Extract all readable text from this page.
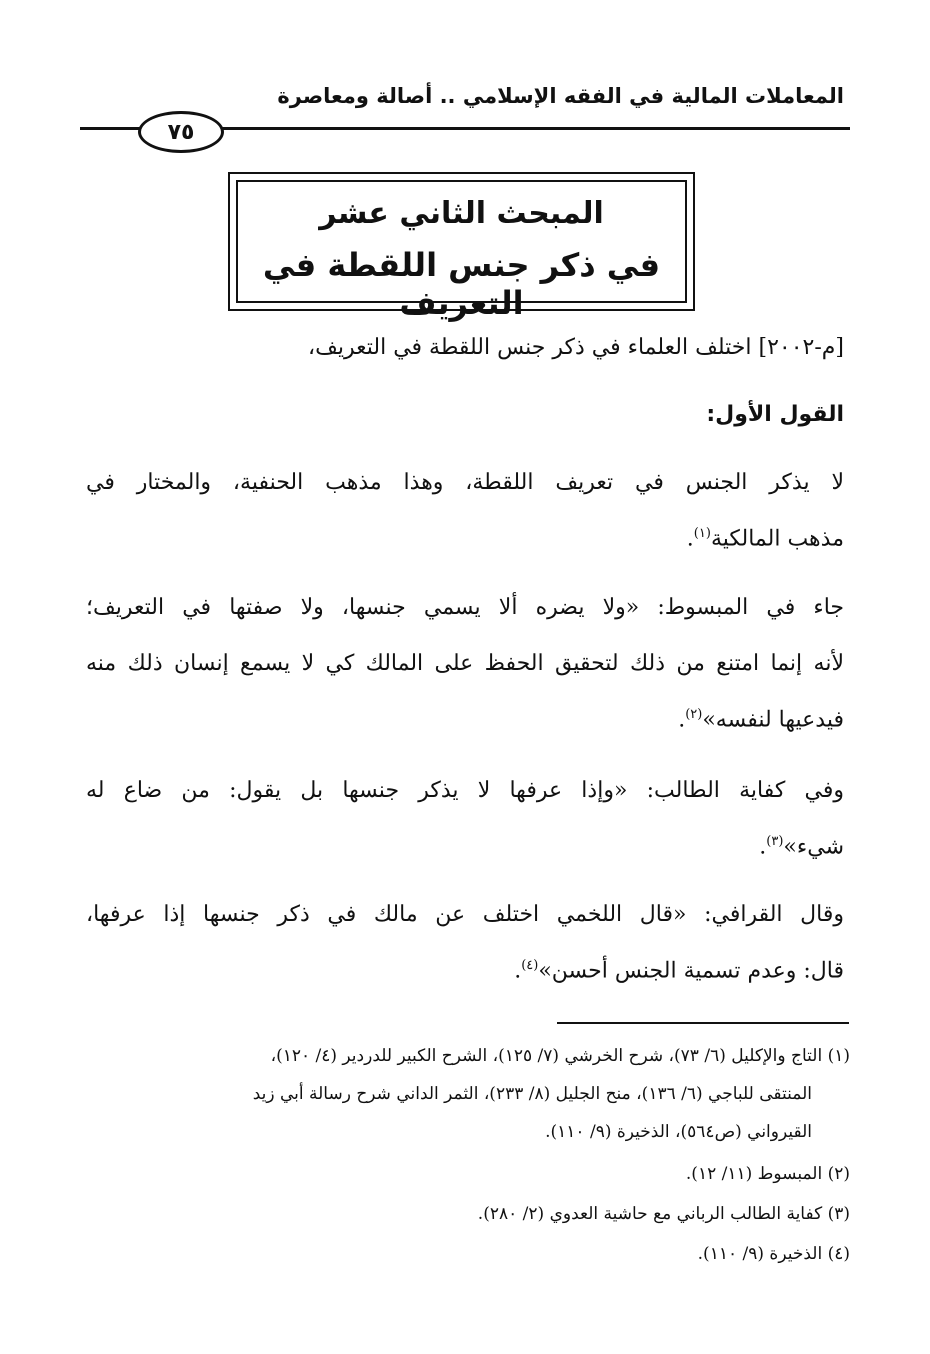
المعاملات المالية في الفقه الإسلامي .. أصالة ومعاصرة
٧٥
المبحث الثاني عشر
في ذكر جنس اللقطة في التعريف
[م-٢٠٠٢] اختلف العلماء في ذكر جنس اللقطة في التعريف،
القول الأول:
لا يذكر الجنس في تعريف اللقطة، وهذا مذهب الحنفية، والمختار في
مذهب المالكية$^{(١)}$.
جاء في المبسوط: «ولا يضره ألا يسمي جنسها، ولا صفتها في التعريف؛
لأنه إنما امتنع من ذلك لتحقيق الحفظ على المالك كي لا يسمع إنسان ذلك منه
فيدعيها لنفسه»$^{(٢)}$.
وفي كفاية الطالب: «وإذا عرفها لا يذكر جنسها بل يقول: من ضاع له
شيء»$^{(٣)}$.
وقال القرافي: «قال اللخمي اختلف عن مالك في ذكر جنسها إذا عرفها،
قال: وعدم تسمية الجنس أحسن»$^{(٤)}$.
(١) التاج والإكليل (٦/ ٧٣)، شرح الخرشي (٧/ ١٢٥)، الشرح الكبير للدردير (٤/ ١٢٠)،
المنتقى للباجي (٦/ ١٣٦)، منح الجليل (٨/ ٢٣٣)، الثمر الداني شرح رسالة أبي زيد
القيرواني (ص٥٦٤)، الذخيرة (٩/ ١١٠).
(٢) المبسوط (١١/ ١٢).
(٣) كفاية الطالب الرباني مع حاشية العدوي (٢/ ٢٨٠).
(٤) الذخيرة (٩/ ١١٠).
